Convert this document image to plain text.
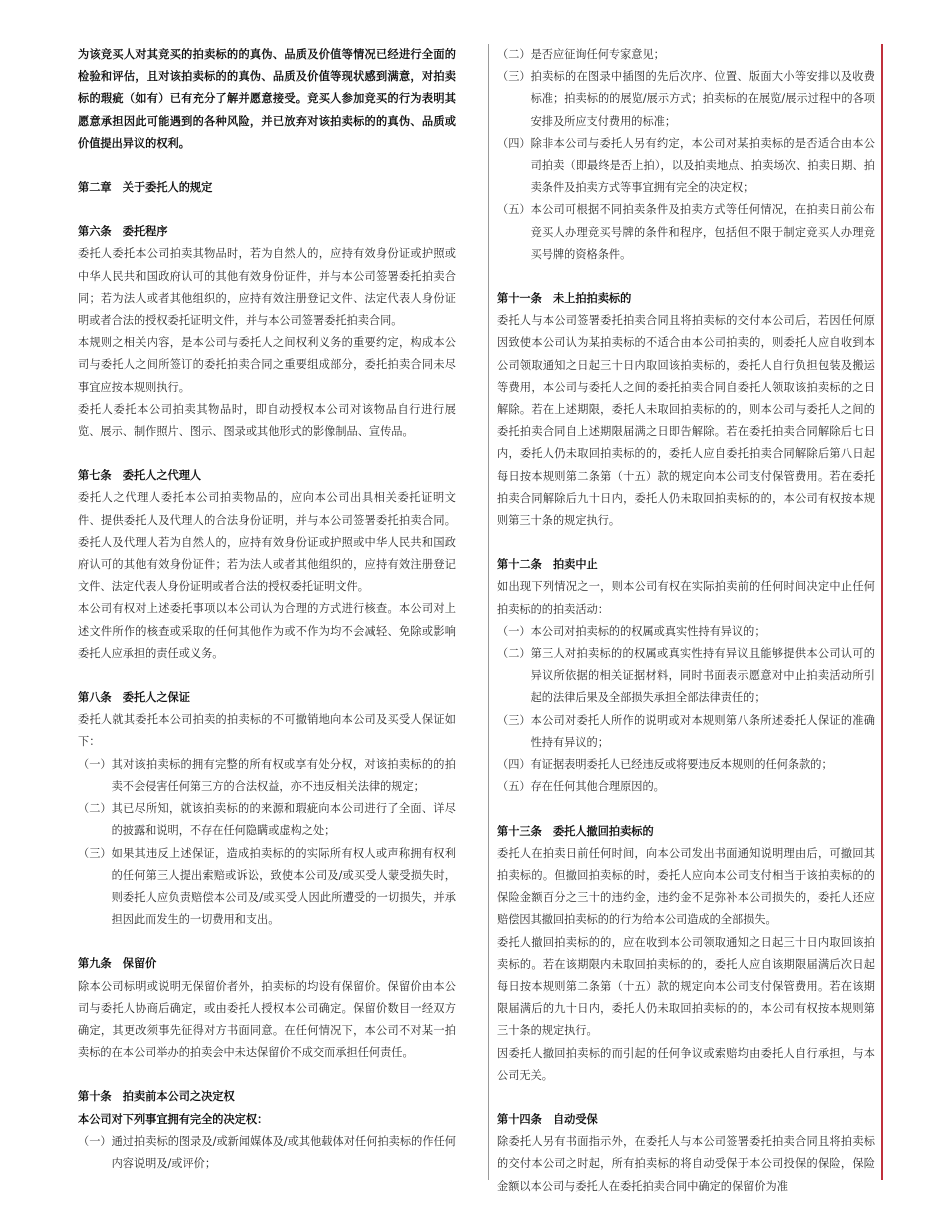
为该竞买人对其竞买的拍卖标的的真伪、品质及价值等情况已经进行全面的检验和评估，且对该拍卖标的的真伪、品质及价值等现状感到满意，对拍卖标的瑕疵（如有）已有充分了解并愿意接受。竞买人参加竞买的行为表明其愿意承担因此可能遇到的各种风险，并已放弃对该拍卖标的的真伪、品质或价值提出异议的权利。

第二章　关于委托人的规定

第六条　委托程序

委托人委托本公司拍卖其物品时，若为自然人的，应持有效身份证或护照或中华人民共和国政府认可的其他有效身份证件，并与本公司签署委托拍卖合同；若为法人或者其他组织的，应持有效注册登记文件、法定代表人身份证明或者合法的授权委托证明文件，并与本公司签署委托拍卖合同。

本规则之相关内容，是本公司与委托人之间权利义务的重要约定，构成本公司与委托人之间所签订的委托拍卖合同之重要组成部分，委托拍卖合同未尽事宜应按本规则执行。

委托人委托本公司拍卖其物品时，即自动授权本公司对该物品自行进行展览、展示、制作照片、图示、图录或其他形式的影像制品、宣传品。

第七条　委托人之代理人

委托人之代理人委托本公司拍卖物品的，应向本公司出具相关委托证明文件、提供委托人及代理人的合法身份证明，并与本公司签署委托拍卖合同。委托人及代理人若为自然人的，应持有效身份证或护照或中华人民共和国政府认可的其他有效身份证件；若为法人或者其他组织的，应持有效注册登记文件、法定代表人身份证明或者合法的授权委托证明文件。

本公司有权对上述委托事项以本公司认为合理的方式进行核查。本公司对上述文件所作的核查或采取的任何其他作为或不作为均不会减轻、免除或影响委托人应承担的责任或义务。

第八条　委托人之保证

委托人就其委托本公司拍卖的拍卖标的不可撤销地向本公司及买受人保证如下：

（一） 其对该拍卖标的拥有完整的所有权或享有处分权，对该拍卖标的的拍卖不会侵害任何第三方的合法权益，亦不违反相关法律的规定；
（二） 其已尽所知，就该拍卖标的的来源和瑕疵向本公司进行了全面、详尽的披露和说明，不存在任何隐瞒或虚构之处；
（三） 如果其违反上述保证，造成拍卖标的的实际所有权人或声称拥有权利的任何第三人提出索赔或诉讼，致使本公司及/或买受人蒙受损失时，则委托人应负责赔偿本公司及/或买受人因此所遭受的一切损失，并承担因此而发生的一切费用和支出。

第九条　保留价

除本公司标明或说明无保留价者外，拍卖标的均设有保留价。保留价由本公司与委托人协商后确定，或由委托人授权本公司确定。保留价数目一经双方确定，其更改须事先征得对方书面同意。在任何情况下，本公司不对某一拍卖标的在本公司举办的拍卖会中未达保留价不成交而承担任何责任。

第十条　拍卖前本公司之决定权

本公司对下列事宜拥有完全的决定权：

（一） 通过拍卖标的图录及/或新闻媒体及/或其他载体对任何拍卖标的作任何内容说明及/或评价；
（二） 是否应征询任何专家意见；
（三） 拍卖标的在图录中插图的先后次序、位置、版面大小等安排以及收费标准；拍卖标的的展览/展示方式；拍卖标的在展览/展示过程中的各项安排及所应支付费用的标准；
（四） 除非本公司与委托人另有约定，本公司对某拍卖标的是否适合由本公司拍卖（即最终是否上拍），以及拍卖地点、拍卖场次、拍卖日期、拍卖条件及拍卖方式等事宜拥有完全的决定权；
（五） 本公司可根据不同拍卖条件及拍卖方式等任何情况，在拍卖日前公布竞买人办理竞买号牌的条件和程序，包括但不限于制定竞买人办理竞买号牌的资格条件。

第十一条　未上拍拍卖标的

委托人与本公司签署委托拍卖合同且将拍卖标的交付本公司后，若因任何原因致使本公司认为某拍卖标的不适合由本公司拍卖的，则委托人应自收到本公司领取通知之日起三十日内取回该拍卖标的，委托人自行负担包装及搬运等费用，本公司与委托人之间的委托拍卖合同自委托人领取该拍卖标的之日解除。若在上述期限，委托人未取回拍卖标的的，则本公司与委托人之间的委托拍卖合同自上述期限届满之日即告解除。若在委托拍卖合同解除后七日内，委托人仍未取回拍卖标的的，委托人应自委托拍卖合同解除后第八日起每日按本规则第二条第（十五）款的规定向本公司支付保管费用。若在委托拍卖合同解除后九十日内，委托人仍未取回拍卖标的的，本公司有权按本规则第三十条的规定执行。

第十二条　拍卖中止

如出现下列情况之一，则本公司有权在实际拍卖前的任何时间决定中止任何拍卖标的的拍卖活动：

（一） 本公司对拍卖标的的权属或真实性持有异议的；
（二） 第三人对拍卖标的的权属或真实性持有异议且能够提供本公司认可的异议所依据的相关证据材料，同时书面表示愿意对中止拍卖活动所引起的法律后果及全部损失承担全部法律责任的；
（三） 本公司对委托人所作的说明或对本规则第八条所述委托人保证的准确性持有异议的；
（四） 有证据表明委托人已经违反或将要违反本规则的任何条款的；
（五） 存在任何其他合理原因的。

第十三条　委托人撤回拍卖标的

委托人在拍卖日前任何时间，向本公司发出书面通知说明理由后，可撤回其拍卖标的。但撤回拍卖标的时，委托人应向本公司支付相当于该拍卖标的的保险金额百分之三十的违约金，违约金不足弥补本公司损失的，委托人还应赔偿因其撤回拍卖标的的行为给本公司造成的全部损失。

委托人撤回拍卖标的的，应在收到本公司领取通知之日起三十日内取回该拍卖标的。若在该期限内未取回拍卖标的的，委托人应自该期限届满后次日起每日按本规则第二条第（十五）款的规定向本公司支付保管费用。若在该期限届满后的九十日内，委托人仍未取回拍卖标的的，本公司有权按本规则第三十条的规定执行。

因委托人撤回拍卖标的而引起的任何争议或索赔均由委托人自行承担，与本公司无关。

第十四条　自动受保

除委托人另有书面指示外，在委托人与本公司签署委托拍卖合同且将拍卖标的交付本公司之时起，所有拍卖标的将自动受保于本公司投保的保险，保险金额以本公司与委托人在委托拍卖合同中确定的保留价为准
